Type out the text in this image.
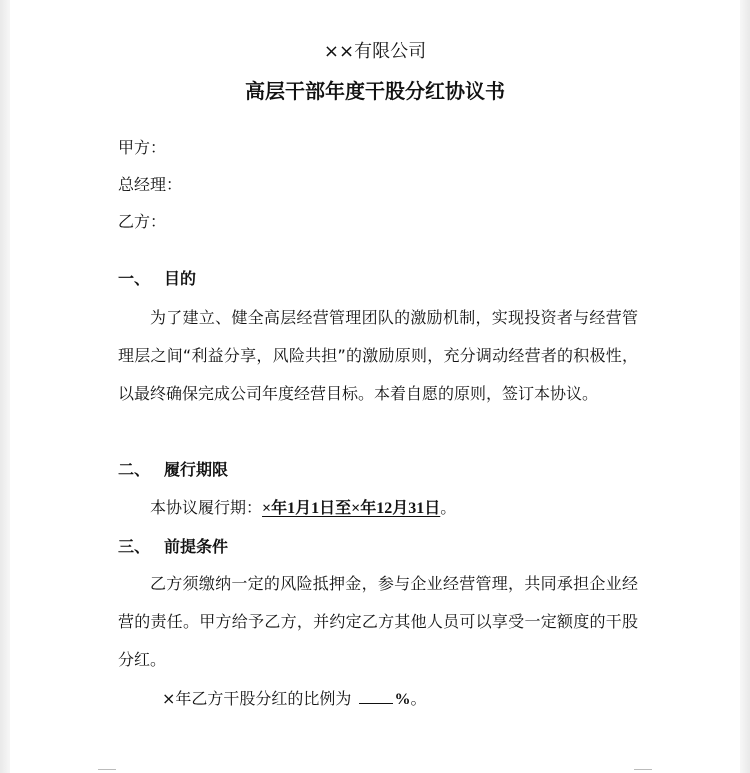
××有限公司
高层干部年度干股分红协议书
甲方：
总经理：
乙方：
一、 目的
为了建立、健全高层经营管理团队的激励机制，实现投资者与经营管理层之间“利益分享，风险共担”的激励原则，充分调动经营者的积极性，以最终确保完成公司年度经营目标。本着自愿的原则，签订本协议。
二、 履行期限
本协议履行期：×年1月1日至×年12月31日。
三、 前提条件
乙方须缴纳一定的风险抵押金，参与企业经营管理，共同承担企业经营的责任。甲方给予乙方，并约定乙方其他人员可以享受一定额度的干股分红。
×年乙方干股分红的比例为	%。
